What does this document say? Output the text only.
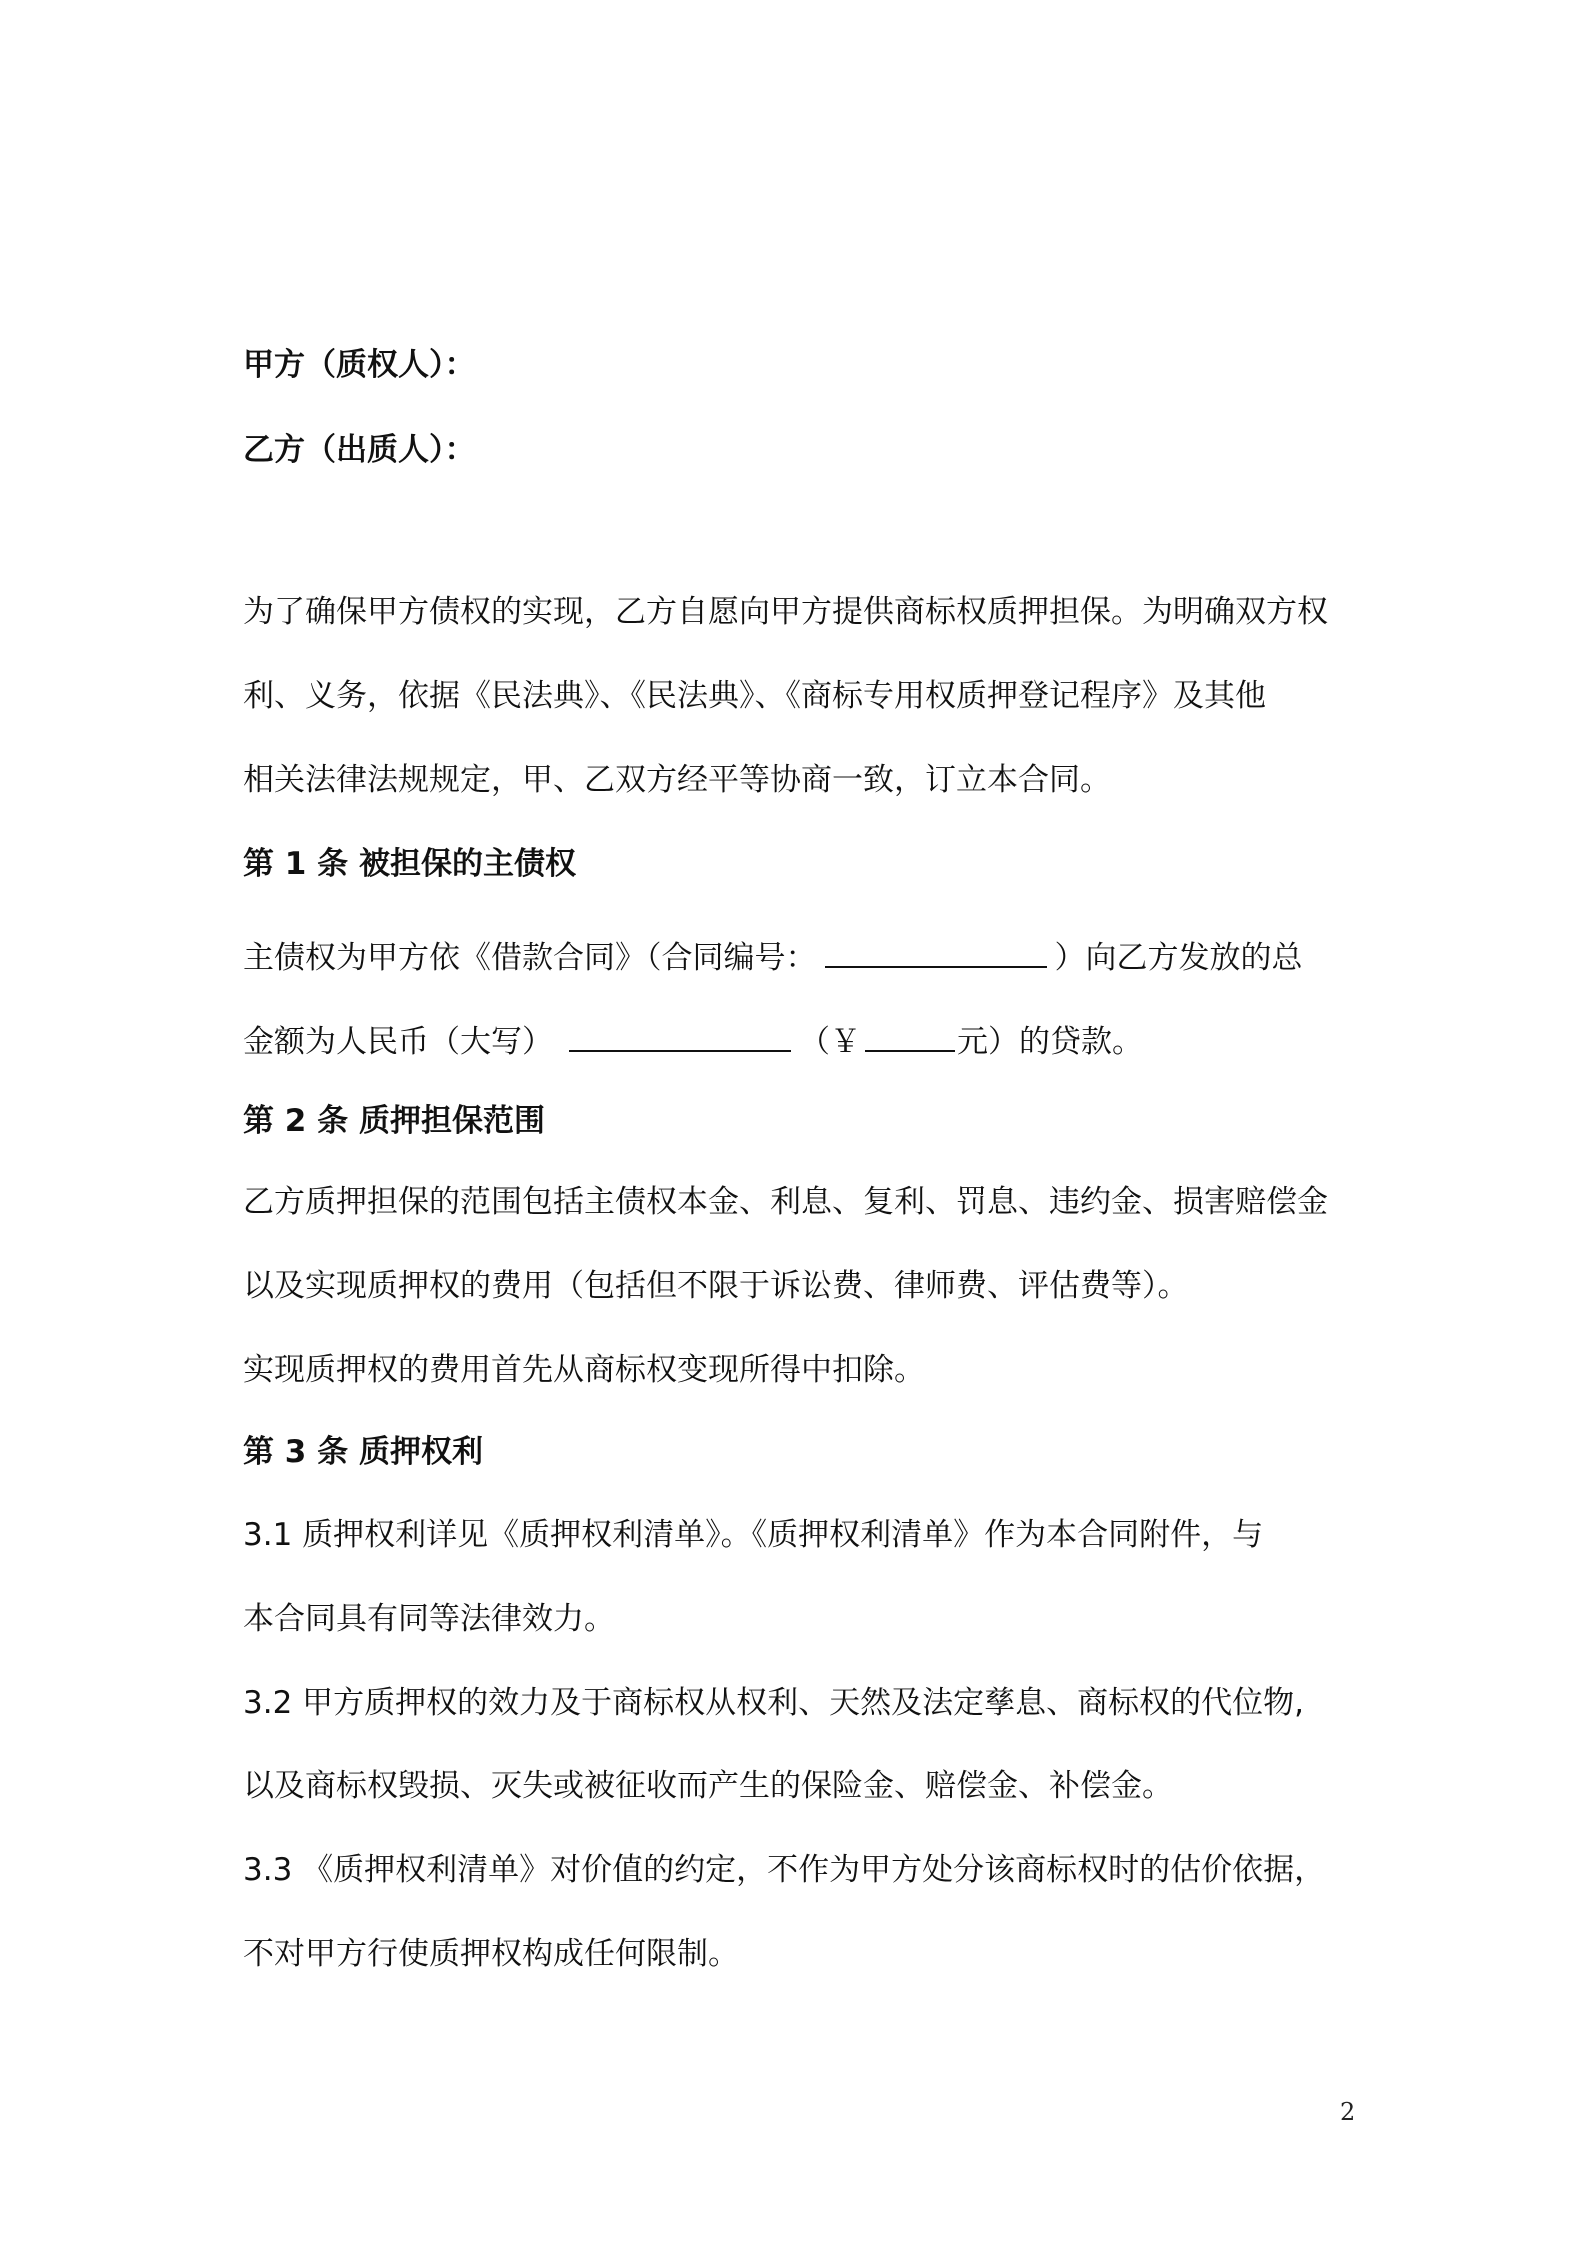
甲方（质权人）：

乙方（出质人）：

为了确保甲方债权的实现，乙方自愿向甲方提供商标权质押担保。为明确双方权

利、义务，依据《民法典》、《民法典》、《商标专用权质押登记程序》及其他

相关法律法规规定，甲、乙双方经平等协商一致，订立本合同。

第 1 条 被担保的主债权

主债权为甲方依《借款合同》（合同编号：	）向乙方发放的总

金额为人民币（大写）	（￥	元）的贷款。

第 2 条 质押担保范围

乙方质押担保的范围包括主债权本金、利息、复利、罚息、违约金、损害赔偿金

以及实现质押权的费用（包括但不限于诉讼费、律师费、评估费等）。

实现质押权的费用首先从商标权变现所得中扣除。

第 3 条 质押权利

3.1 质押权利详见《质押权利清单》。《质押权利清单》作为本合同附件，与

本合同具有同等法律效力。

3.2 甲方质押权的效力及于商标权从权利、天然及法定孳息、商标权的代位物,

以及商标权毁损、灭失或被征收而产生的保险金、赔偿金、补偿金。

3.3 《质押权利清单》对价值的约定，不作为甲方处分该商标权时的估价依据，

不对甲方行使质押权构成任何限制。

2
